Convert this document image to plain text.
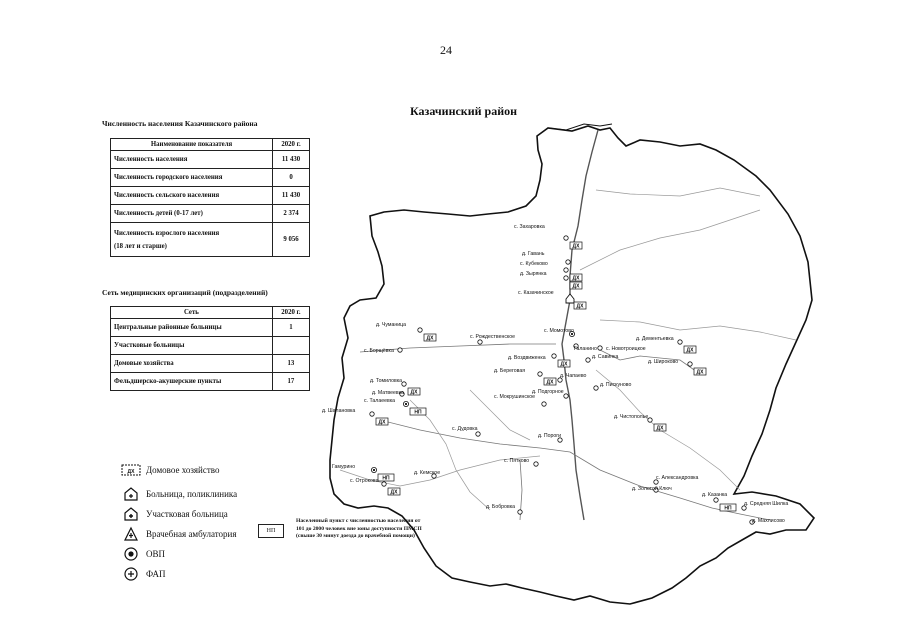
24
Казачинский район
Численность населения Казачинского района
Наименование показателя	2020 г.
Численность населения	11 430
Численность городского населения	0
Численность сельского населения	11 430
Численность детей (0-17 лет)	2 374

Численность взрослого населения
(18 лет и старше)	9 056
Сеть медицинских организаций (подразделений)
Сеть	2020 г.
Центральные районные больницы	1
Участковые больницы	
Домовые хозяйства	13
Фельдшерско-акушерские пункты	17
ДХ
с. Захаровка
д. Гавань
ДХ
с. Кубеково
ДХ
д. Зырянка
ДХ
с. Казачинское
ДХ
д. Чуманица
с. Рождественское
с. Момотово
с. Борщёвка
ДХ
д. Воздвиженка
Галанино с. Новотроицкое	ДХ
д. Дементьевка
ДХ
д. Широково
д. Савинка
ДХ
д. Береговая
д. Чапаево
д. Пискуново
ДХ
д. Томиловка
д. Матвеевка
НП
с. Талаеевка
ДХ
д. Шалановка
д. Подгорное
с. Мокрушинское
ДХ
д. Чистопольe
с. Дудовка
д. Пороги
с. Пятково
НП
Гамурино
ДХ
с. Отрокова
д. Кемское
с. Александровка
д. Золотой Ключ
НП
д. Казанка
д. Средняя Шилка
д. Махлисово
д. Бобровка
ДХ Домовое хозяйство
Больница, поликлиника
Участковая больница
Врачебная амбулатория
ОВП
ФАП
НП
Населенный пункт с численностью населения от 101 до 2000 человек вне зоны доступности ПМСП (свыше 30 минут доезда до врачебной помощи)
